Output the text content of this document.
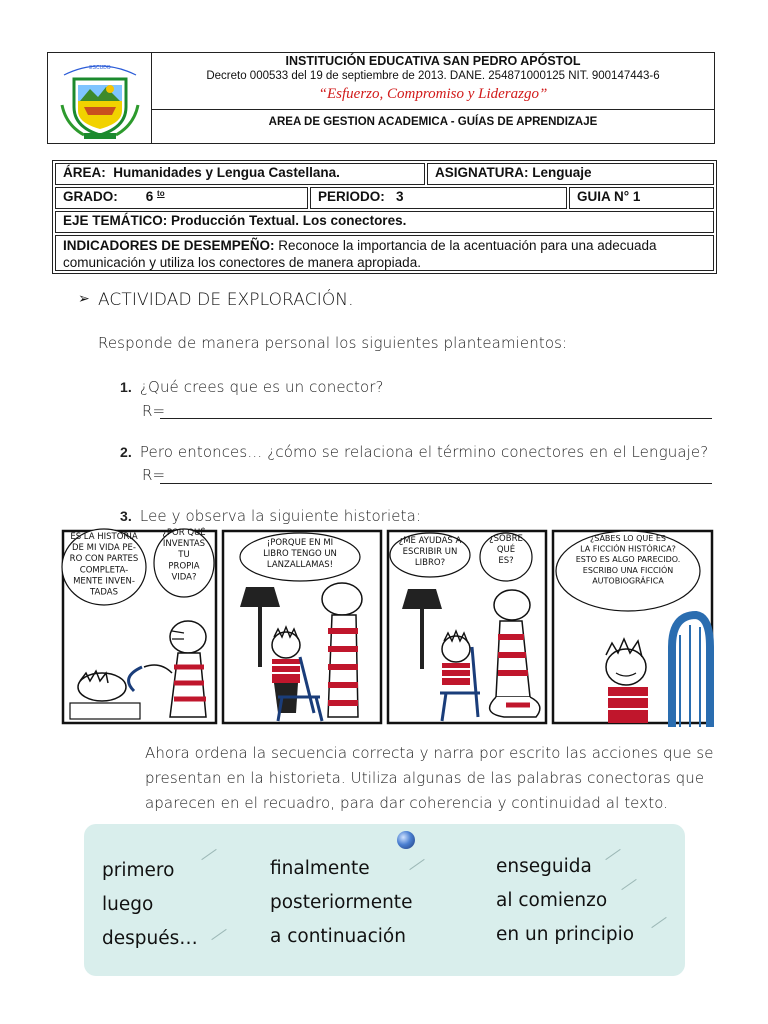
ESCUDO	INSTITUCIÓN EDUCATIVA SAN PEDRO APÓSTOL
Decreto 000533 del 19 de septiembre de 2013. DANE. 254871000125 NIT. 900147443-6
“Esfuerzo, Compromiso y Liderazgo”
AREA DE GESTION ACADEMICA - GUÍAS DE APRENDIZAJE
ÁREA: Humanidades y Lengua Castellana.	ASIGNATURA: Lenguaje
GRADO: 6 $^{to}$	PERIODO: 3	GUIA N° 1
EJE TEMÁTICO: Producción Textual. Los conectores.
INDICADORES DE DESEMPEÑO: Reconoce la importancia de la acentuación para una adecuada comunicación y utiliza los conectores de manera apropiada.
➢ ACTIVIDAD DE EXPLORACIÓN.
Responde de manera personal los siguientes planteamientos:
1. ¿Qué crees que es un conector?
R=
2. Pero entonces… ¿cómo se relaciona el término conectores en el Lenguaje?
R=
3. Lee y observa la siguiente historieta:
ES LA HISTORIA
DE MI VIDA PE-
RO CON PARTES
COMPLETA-
MENTE INVEN-
TADAS
¿POR QUÉ
INVENTAS
TU
PROPIA
VIDA?
¡PORQUE EN MI
LIBRO TENGO UN
LANZALLAMAS!
¿ME AYUDAS A
ESCRIBIR UN
LIBRO?
¿SOBRE
QUÉ
ES?
¿SABES LO QUE ES
LA FICCIÓN HISTÓRICA?
ESTO ES ALGO PARECIDO.
ESCRIBO UNA FICCIÓN
AUTOBIOGRÁFICA
Ahora ordena la secuencia correcta y narra por escrito las acciones que se
presentan en la historieta. Utiliza algunas de las palabras conectoras que
aparecen en el recuadro, para dar coherencia y continuidad al texto.
primero
luego
después…
finalmente
posteriormente
a continuación
enseguida
al comienzo
en un principio
